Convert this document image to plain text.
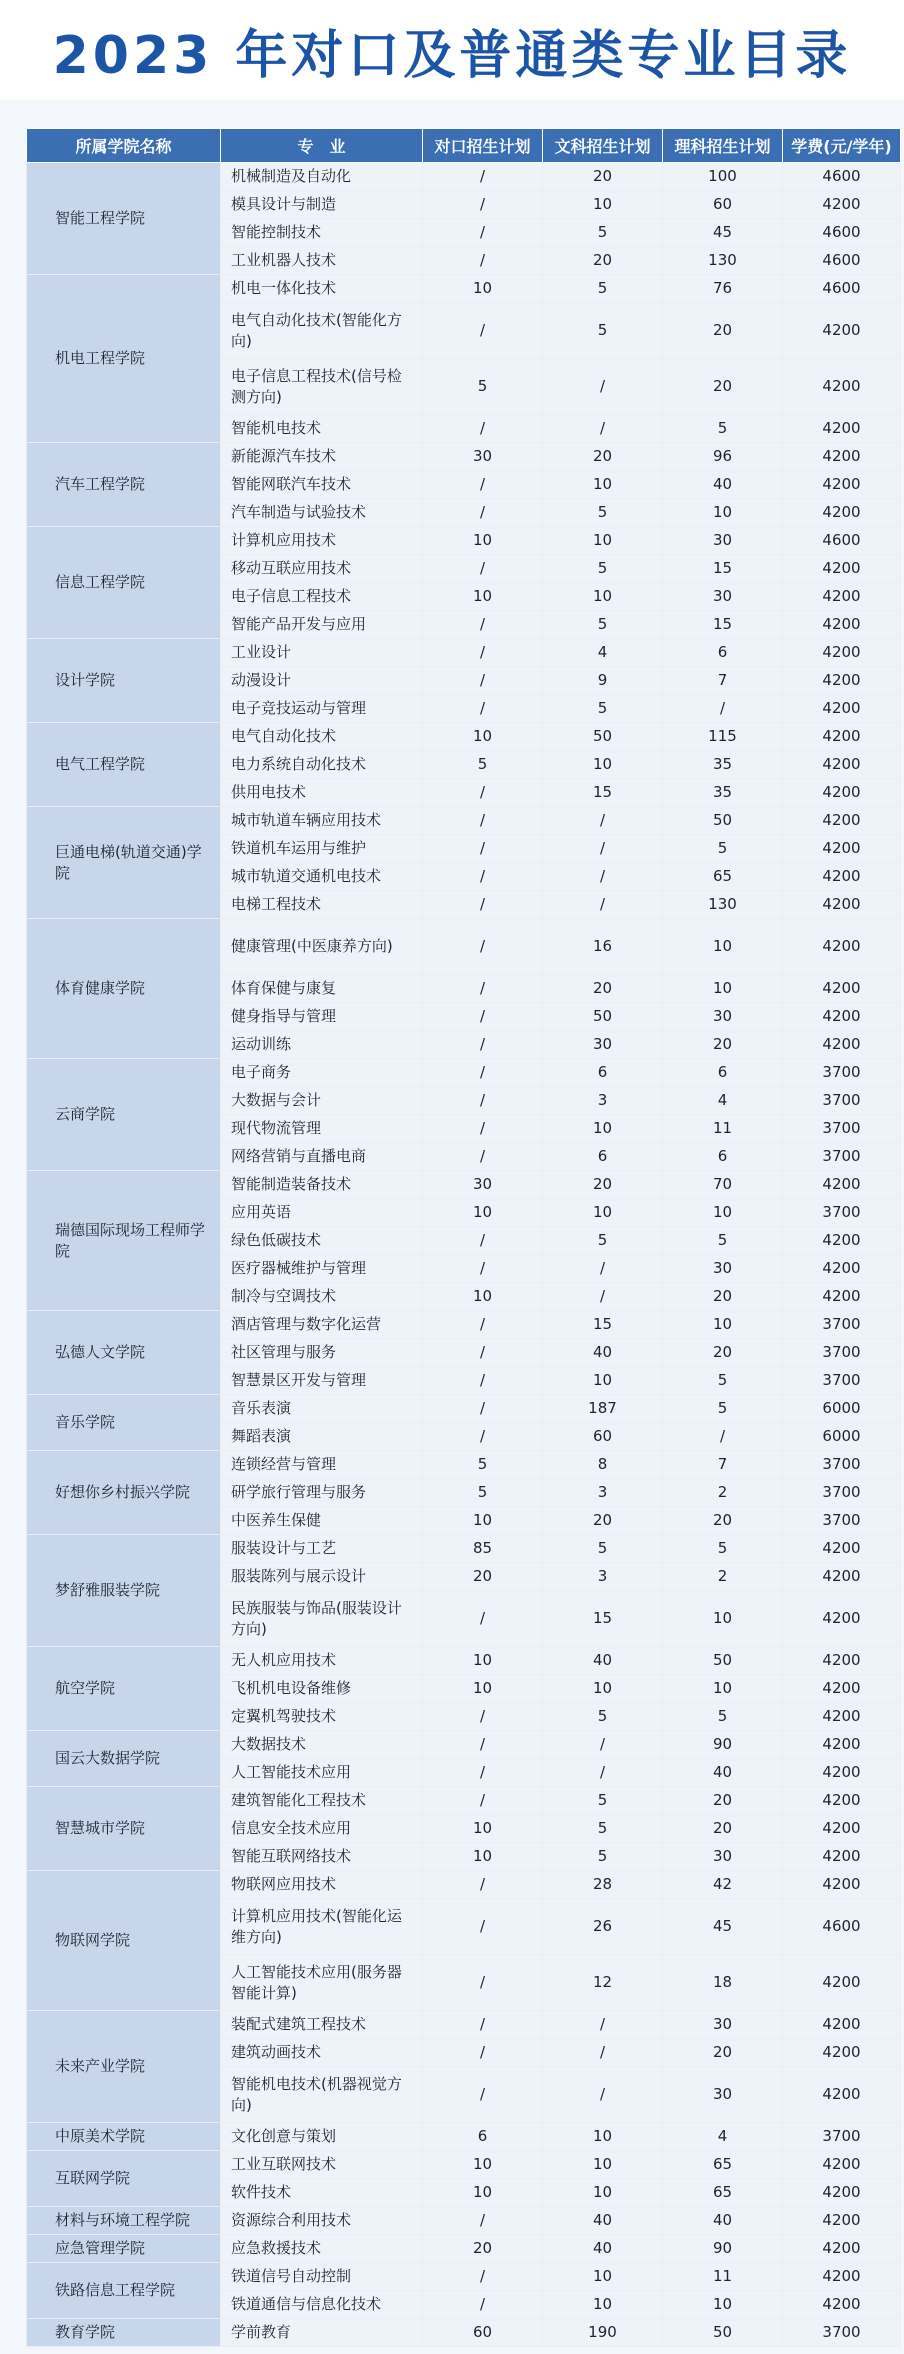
2023 年对口及普通类专业目录
所属学院名称	专　业	对口招生计划	文科招生计划	理科招生计划	学费(元/学年)
智能工程学院	机械制造及自动化	/	20	100	4600
	模具设计与制造	/	10	60	4200
	智能控制技术	/	5	45	4600
	工业机器人技术	/	20	130	4600
机电工程学院	机电一体化技术	10	5	76	4600
	电气自动化技术(智能化方向)	/	5	20	4200
	电子信息工程技术(信号检测方向)	5	/	20	4200
	智能机电技术	/	/	5	4200
汽车工程学院	新能源汽车技术	30	20	96	4200
	智能网联汽车技术	/	10	40	4200
	汽车制造与试验技术	/	5	10	4200
信息工程学院	计算机应用技术	10	10	30	4600
	移动互联应用技术	/	5	15	4200
	电子信息工程技术	10	10	30	4200
	智能产品开发与应用	/	5	15	4200
设计学院	工业设计	/	4	6	4200
	动漫设计	/	9	7	4200
	电子竞技运动与管理	/	5	/	4200
电气工程学院	电气自动化技术	10	50	115	4200
	电力系统自动化技术	5	10	35	4200
	供用电技术	/	15	35	4200
巨通电梯(轨道交通)学院	城市轨道车辆应用技术	/	/	50	4200
	铁道机车运用与维护	/	/	5	4200
	城市轨道交通机电技术	/	/	65	4200
	电梯工程技术	/	/	130	4200
体育健康学院	健康管理(中医康养方向)	/	16	10	4200
	体育保健与康复	/	20	10	4200
	健身指导与管理	/	50	30	4200
	运动训练	/	30	20	4200
云商学院	电子商务	/	6	6	3700
	大数据与会计	/	3	4	3700
	现代物流管理	/	10	11	3700
	网络营销与直播电商	/	6	6	3700
瑞德国际现场工程师学院	智能制造装备技术	30	20	70	4200
	应用英语	10	10	10	3700
	绿色低碳技术	/	5	5	4200
	医疗器械维护与管理	/	/	30	4200
	制冷与空调技术	10	/	20	4200
弘德人文学院	酒店管理与数字化运营	/	15	10	3700
	社区管理与服务	/	40	20	3700
	智慧景区开发与管理	/	10	5	3700
音乐学院	音乐表演	/	187	5	6000
	舞蹈表演	/	60	/	6000
好想你乡村振兴学院	连锁经营与管理	5	8	7	3700
	研学旅行管理与服务	5	3	2	3700
	中医养生保健	10	20	20	3700
梦舒雅服装学院	服装设计与工艺	85	5	5	4200
	服装陈列与展示设计	20	3	2	4200
	民族服装与饰品(服装设计方向)	/	15	10	4200
航空学院	无人机应用技术	10	40	50	4200
	飞机机电设备维修	10	10	10	4200
	定翼机驾驶技术	/	5	5	4200
国云大数据学院	大数据技术	/	/	90	4200
	人工智能技术应用	/	/	40	4200
智慧城市学院	建筑智能化工程技术	/	5	20	4200
	信息安全技术应用	10	5	20	4200
	智能互联网络技术	10	5	30	4200
物联网学院	物联网应用技术	/	28	42	4200
	计算机应用技术(智能化运维方向)	/	26	45	4600
	人工智能技术应用(服务器智能计算)	/	12	18	4200
未来产业学院	装配式建筑工程技术	/	/	30	4200
	建筑动画技术	/	/	20	4200
	智能机电技术(机器视觉方向)	/	/	30	4200
中原美术学院	文化创意与策划	6	10	4	3700
互联网学院	工业互联网技术	10	10	65	4200
	软件技术	10	10	65	4200
材料与环境工程学院	资源综合利用技术	/	40	40	4200
应急管理学院	应急救援技术	20	40	90	4200
铁路信息工程学院	铁道信号自动控制	/	10	11	4200
	铁道通信与信息化技术	/	10	10	4200
教育学院	学前教育	60	190	50	3700
